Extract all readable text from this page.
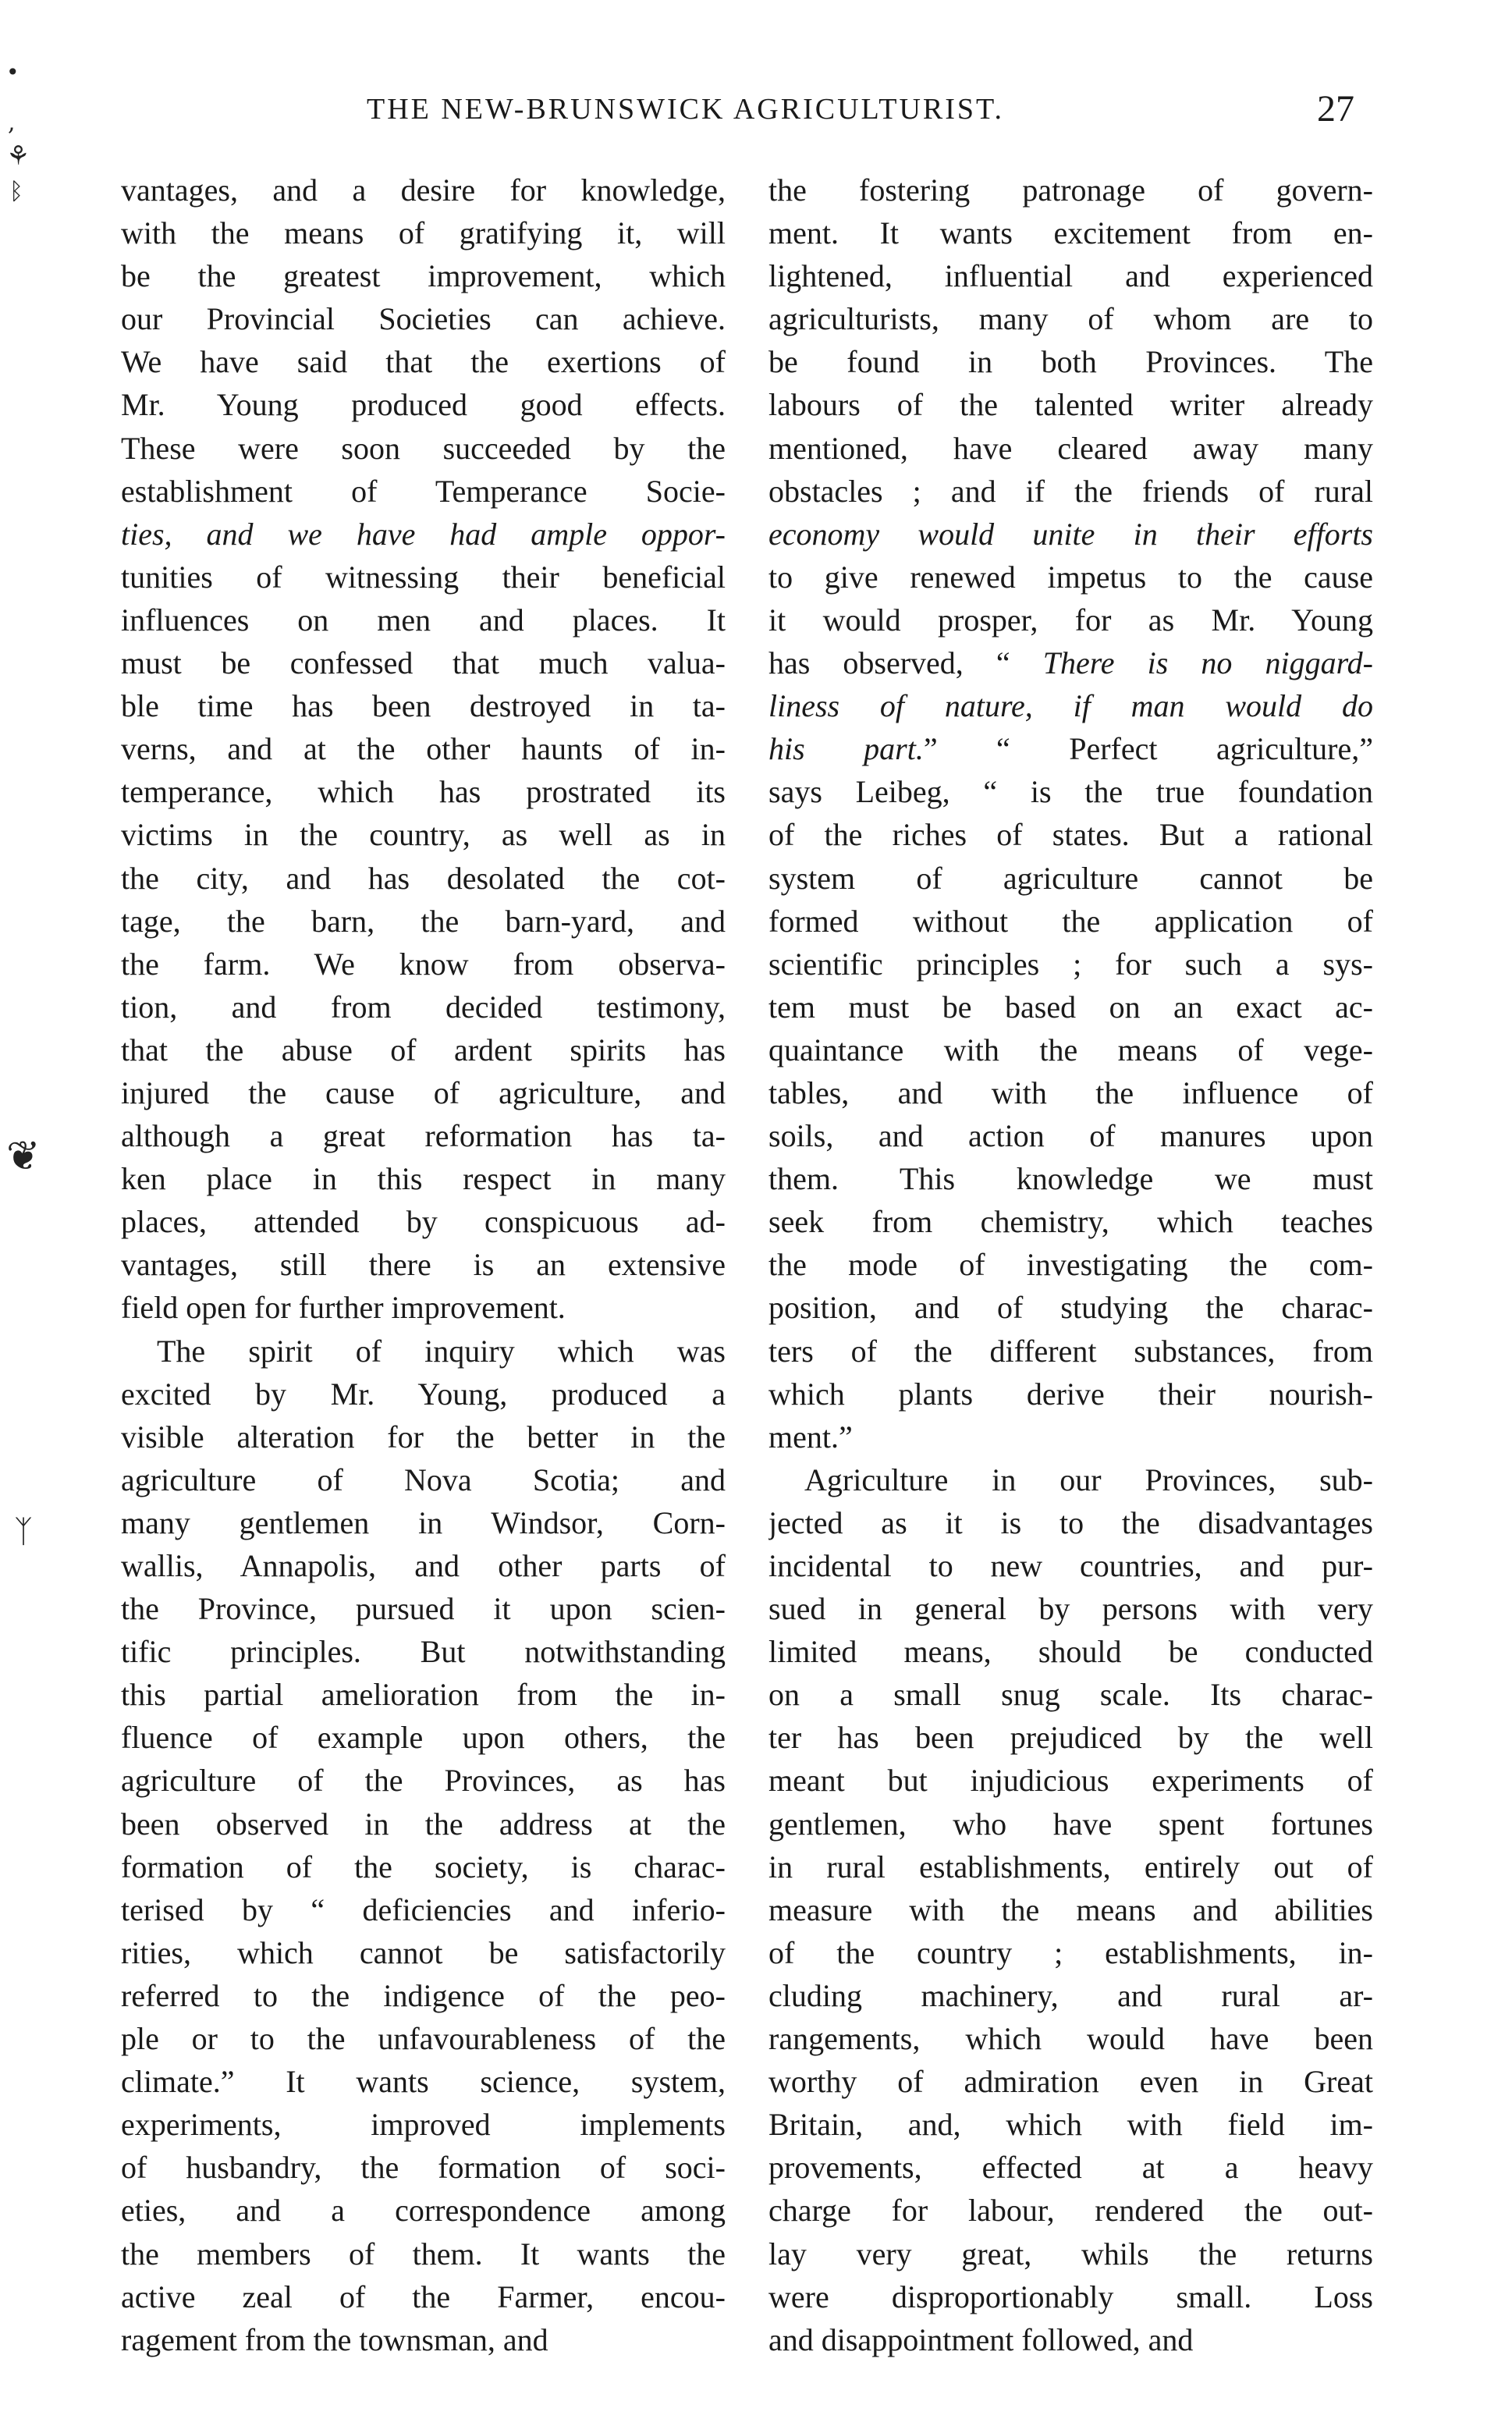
THE NEW-BRUNSWICK AGRICULTURIST.	27
•
,
⚘
ᛒ
❦
ᛉ
vantages, and a desire for knowledge,
with the means of gratifying it, will
be the greatest improvement, which
our Provincial Societies can achieve.
We have said that the exertions of
Mr. Young produced good effects.
These were soon succeeded by the
establishment of Temperance Socie-
ties, and we have had ample oppor-
tunities of witnessing their beneficial
influences on men and places. It
must be confessed that much valua-
ble time has been destroyed in ta-
verns, and at the other haunts of in-
temperance, which has prostrated its
victims in the country, as well as in
the city, and has desolated the cot-
tage, the barn, the barn-yard, and
the farm. We know from observa-
tion, and from decided testimony,
that the abuse of ardent spirits has
injured the cause of agriculture, and
although a great reformation has ta-
ken place in this respect in many
places, attended by conspicuous ad-
vantages, still there is an extensive
field open for further improvement.
The spirit of inquiry which was
excited by Mr. Young, produced a
visible alteration for the better in the
agriculture of Nova Scotia; and
many gentlemen in Windsor, Corn-
wallis, Annapolis, and other parts of
the Province, pursued it upon scien-
tific principles. But notwithstanding
this partial amelioration from the in-
fluence of example upon others, the
agriculture of the Provinces, as has
been observed in the address at the
formation of the society, is charac-
terised by “ deficiencies and inferio-
rities, which cannot be satisfactorily
referred to the indigence of the peo-
ple or to the unfavourableness of the
climate.” It wants science, system,
experiments, improved implements
of husbandry, the formation of soci-
eties, and a correspondence among
the members of them. It wants the
active zeal of the Farmer, encou-
ragement from the townsman, and
the fostering patronage of govern-
ment. It wants excitement from en-
lightened, influential and experienced
agriculturists, many of whom are to
be found in both Provinces. The
labours of the talented writer already
mentioned, have cleared away many
obstacles ; and if the friends of rural
economy would unite in their efforts
to give renewed impetus to the cause
it would prosper, for as Mr. Young
has observed, “ There is no niggard-
liness of nature, if man would do
his part.” “ Perfect agriculture,”
says Leibeg, “ is the true foundation
of the riches of states. But a rational
system of agriculture cannot be
formed without the application of
scientific principles ; for such a sys-
tem must be based on an exact ac-
quaintance with the means of vege-
tables, and with the influence of
soils, and action of manures upon
them. This knowledge we must
seek from chemistry, which teaches
the mode of investigating the com-
position, and of studying the charac-
ters of the different substances, from
which plants derive their nourish-
ment.”
Agriculture in our Provinces, sub-
jected as it is to the disadvantages
incidental to new countries, and pur-
sued in general by persons with very
limited means, should be conducted
on a small snug scale. Its charac-
ter has been prejudiced by the well
meant but injudicious experiments of
gentlemen, who have spent fortunes
in rural establishments, entirely out of
measure with the means and abilities
of the country ; establishments, in-
cluding machinery, and rural ar-
rangements, which would have been
worthy of admiration even in Great
Britain, and, which with field im-
provements, effected at a heavy
charge for labour, rendered the out-
lay very great, whils the returns
were disproportionably small. Loss
and disappointment followed, and
